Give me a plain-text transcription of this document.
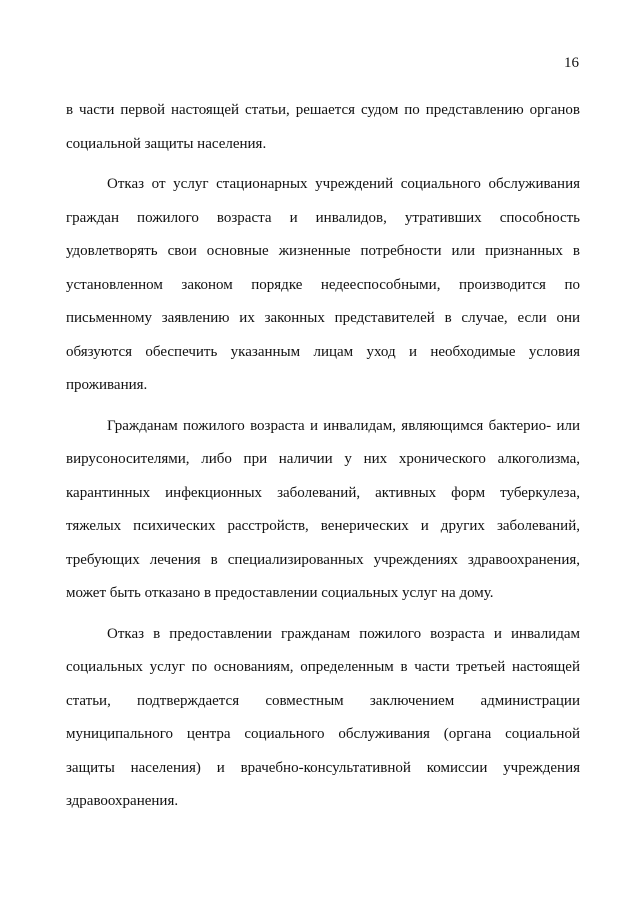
16

в части первой настоящей статьи, решается судом по представлению органов социальной защиты населения.

Отказ от услуг стационарных учреждений социального обслуживания граждан пожилого возраста и инвалидов, утративших способность удовлетворять свои основные жизненные потребности или признанных в установленном законом порядке недееспособными, производится по письменному заявлению их законных представителей в случае, если они обязуются обеспечить указанным лицам уход и необходимые условия проживания.

Гражданам пожилого возраста и инвалидам, являющимся бактерио- или вирусоносителями, либо при наличии у них хронического алкоголизма, карантинных инфекционных заболеваний, активных форм туберкулеза, тяжелых психических расстройств, венерических и других заболеваний, требующих лечения в специализированных учреждениях здравоохранения, может быть отказано в предоставлении социальных услуг на дому.

Отказ в предоставлении гражданам пожилого возраста и инвалидам социальных услуг по основаниям, определенным в части третьей настоящей статьи, подтверждается совместным заключением администрации муниципального центра социального обслуживания (органа социальной защиты населения) и врачебно-консультативной комиссии учреждения здравоохранения.
